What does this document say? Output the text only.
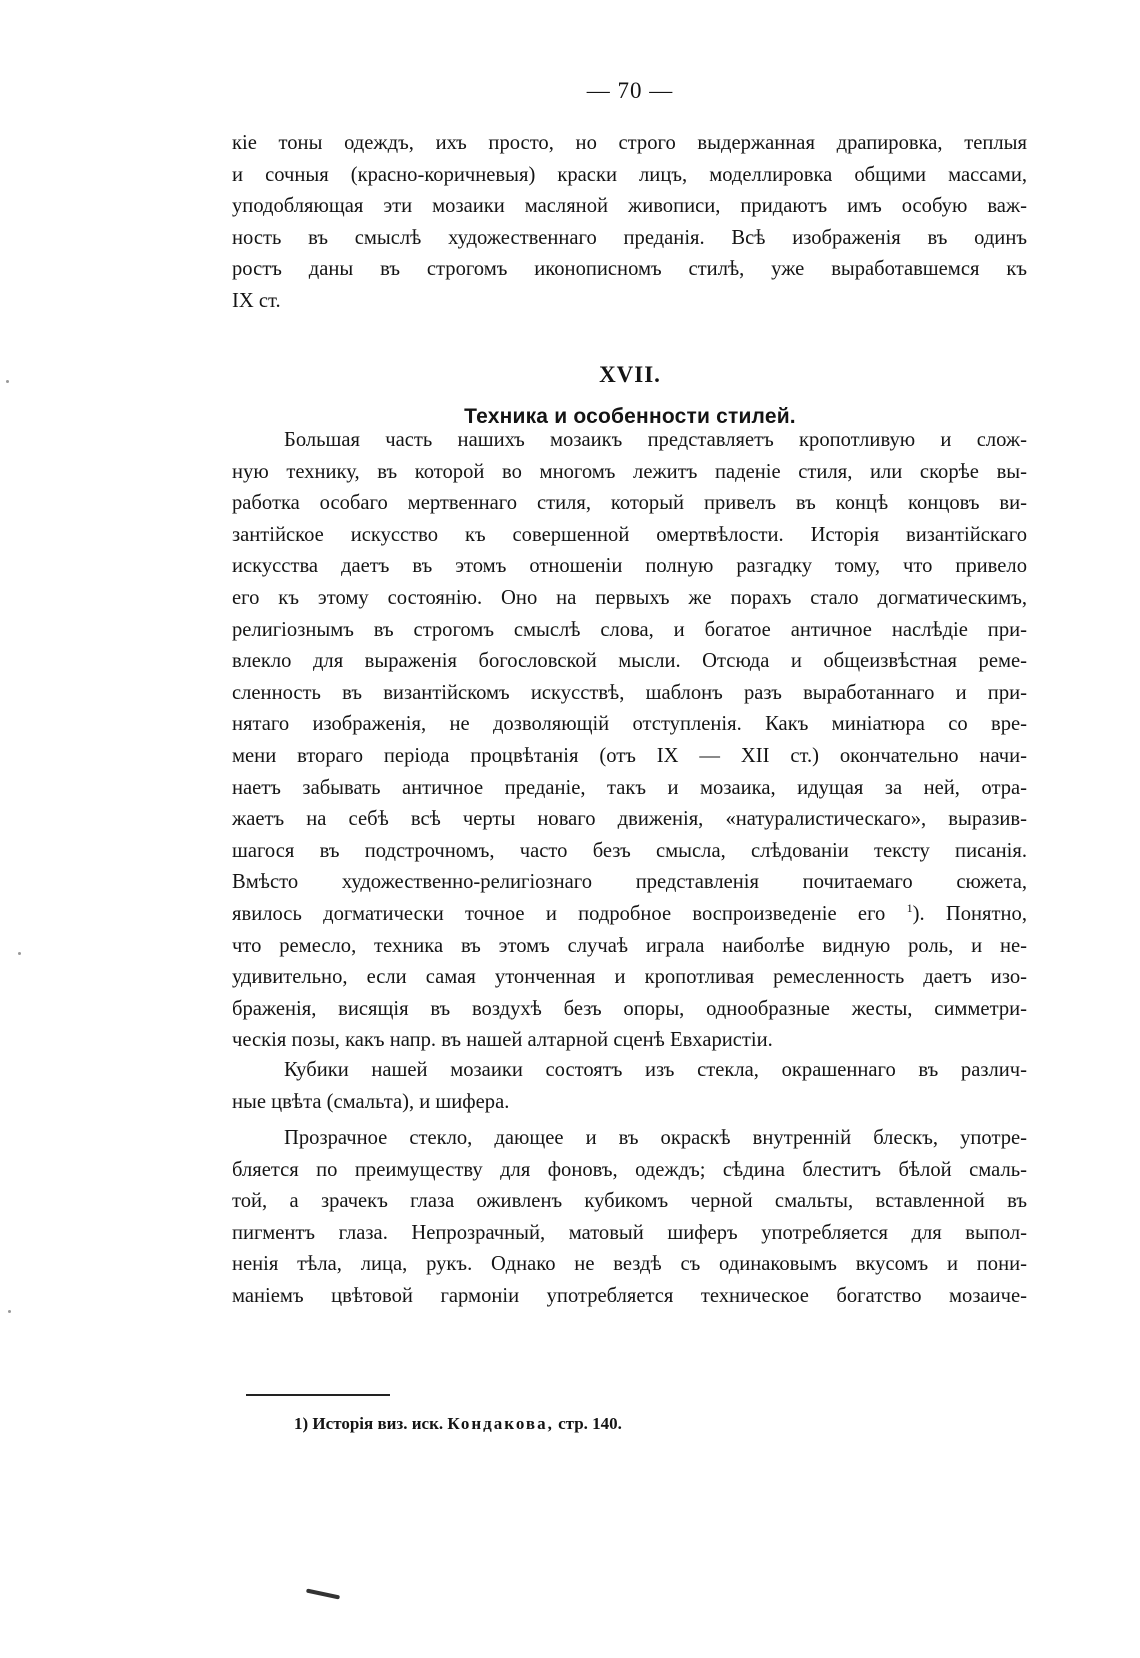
— 70 —
кіе тоны одеждъ, ихъ просто, но строго выдержанная драпировка, теплыя
и сочныя (красно-коричневыя) краски лицъ, моделлировка общими массами,
уподобляющая эти мозаики масляной живописи, придаютъ имъ особую важ-
ность въ смыслѣ художественнаго преданія. Всѣ изображенія въ одинъ
ростъ даны въ строгомъ иконописномъ стилѣ, уже выработавшемся къ
IX ст.
XVII.
Техника и особенности стилей.
Большая часть нашихъ мозаикъ представляетъ кропотливую и слож-
ную технику, въ которой во многомъ лежитъ паденіе стиля, или скорѣе вы-
работка особаго мертвеннаго стиля, который привелъ въ концѣ концовъ ви-
зантійское искусство къ совершенной омертвѣлости. Исторія византійскаго
искусства даетъ въ этомъ отношеніи полную разгадку тому, что привело
его къ этому состоянію. Оно на первыхъ же порахъ стало догматическимъ,
религіознымъ въ строгомъ смыслѣ слова, и богатое античное наслѣдіе при-
влекло для выраженія богословской мысли. Отсюда и общеизвѣстная реме-
сленность въ византійскомъ искусствѣ, шаблонъ разъ выработаннаго и при-
нятаго изображенія, не дозволяющій отступленія. Какъ миніатюра со вре-
мени втораго періода процвѣтанія (отъ IX — XII ст.) окончательно начи-
наетъ забывать античное преданіе, такъ и мозаика, идущая за ней, отра-
жаетъ на себѣ всѣ черты новаго движенія, «натуралистическаго», выразив-
шагося въ подстрочномъ, часто безъ смысла, слѣдованіи тексту писанія.
Вмѣсто художественно-религіознаго представленія почитаемаго сюжета,
явилось догматически точное и подробное воспроизведеніе его $^1$). Понятно,
что ремесло, техника въ этомъ случаѣ играла наиболѣе видную роль, и не-
удивительно, если самая утонченная и кропотливая ремесленность даетъ изо-
браженія, висящія въ воздухѣ безъ опоры, однообразные жесты, симметри-
ческія позы, какъ напр. въ нашей алтарной сценѣ Евхаристіи.
Кубики нашей мозаики состоятъ изъ стекла, окрашеннаго въ различ-
ные цвѣта (смальта), и шифера.
Прозрачное стекло, дающее и въ окраскѣ внутренній блескъ, употре-
бляется по преимуществу для фоновъ, одеждъ; сѣдина блеститъ бѣлой смаль-
той, а зрачекъ глаза оживленъ кубикомъ черной смальты, вставленной въ
пигментъ глаза. Непрозрачный, матовый шиферъ употребляется для выпол-
ненія тѣла, лица, рукъ. Однако не вездѣ съ одинаковымъ вкусомъ и пони-
маніемъ цвѣтовой гармоніи употребляется техническое богатство мозаиче-
1) Исторія виз. иск. Кондакова, стр. 140.
